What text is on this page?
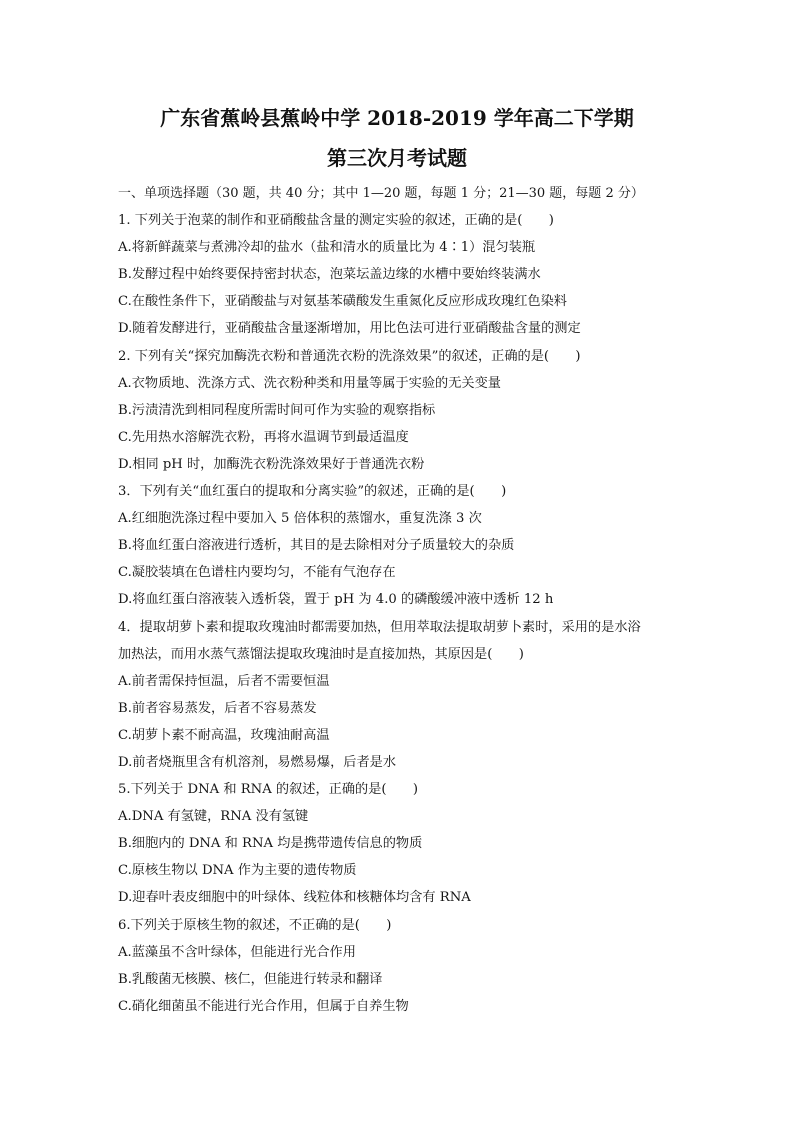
广东省蕉岭县蕉岭中学 2018-2019 学年高二下学期
第三次月考试题
一、单项选择题（30 题，共 40 分；其中 1—20 题，每题 1 分；21—30 题，每题 2 分）
1. 下列关于泡菜的制作和亚硝酸盐含量的测定实验的叙述，正确的是(　　)
A.将新鲜蔬菜与煮沸冷却的盐水（盐和清水的质量比为 4∶1）混匀装瓶
B.发酵过程中始终要保持密封状态，泡菜坛盖边缘的水槽中要始终装满水
C.在酸性条件下，亚硝酸盐与对氨基苯磺酸发生重氮化反应形成玫瑰红色染料
D.随着发酵进行，亚硝酸盐含量逐渐增加，用比色法可进行亚硝酸盐含量的测定
2. 下列有关“探究加酶洗衣粉和普通洗衣粉的洗涤效果”的叙述，正确的是(　　)
A.衣物质地、洗涤方式、洗衣粉种类和用量等属于实验的无关变量
B.污渍清洗到相同程度所需时间可作为实验的观察指标
C.先用热水溶解洗衣粉，再将水温调节到最适温度
D.相同 pH 时，加酶洗衣粉洗涤效果好于普通洗衣粉
3．下列有关“血红蛋白的提取和分离实验”的叙述，正确的是(　　)
A.红细胞洗涤过程中要加入 5 倍体积的蒸馏水，重复洗涤 3 次
B.将血红蛋白溶液进行透析，其目的是去除相对分子质量较大的杂质
C.凝胶装填在色谱柱内要均匀，不能有气泡存在
D.将血红蛋白溶液装入透析袋，置于 pH 为 4.0 的磷酸缓冲液中透析 12 h
4．提取胡萝卜素和提取玫瑰油时都需要加热，但用萃取法提取胡萝卜素时，采用的是水浴
加热法，而用水蒸气蒸馏法提取玫瑰油时是直接加热，其原因是(　　)
A.前者需保持恒温，后者不需要恒温
B.前者容易蒸发，后者不容易蒸发
C.胡萝卜素不耐高温，玫瑰油耐高温
D.前者烧瓶里含有机溶剂，易燃易爆，后者是水
5.下列关于 DNA 和 RNA 的叙述，正确的是(　　)
A.DNA 有氢键，RNA 没有氢键
B.细胞内的 DNA 和 RNA 均是携带遗传信息的物质
C.原核生物以 DNA 作为主要的遗传物质
D.迎春叶表皮细胞中的叶绿体、线粒体和核糖体均含有 RNA
6.下列关于原核生物的叙述，不正确的是(　　)
A.蓝藻虽不含叶绿体，但能进行光合作用
B.乳酸菌无核膜、核仁，但能进行转录和翻译
C.硝化细菌虽不能进行光合作用，但属于自养生物
